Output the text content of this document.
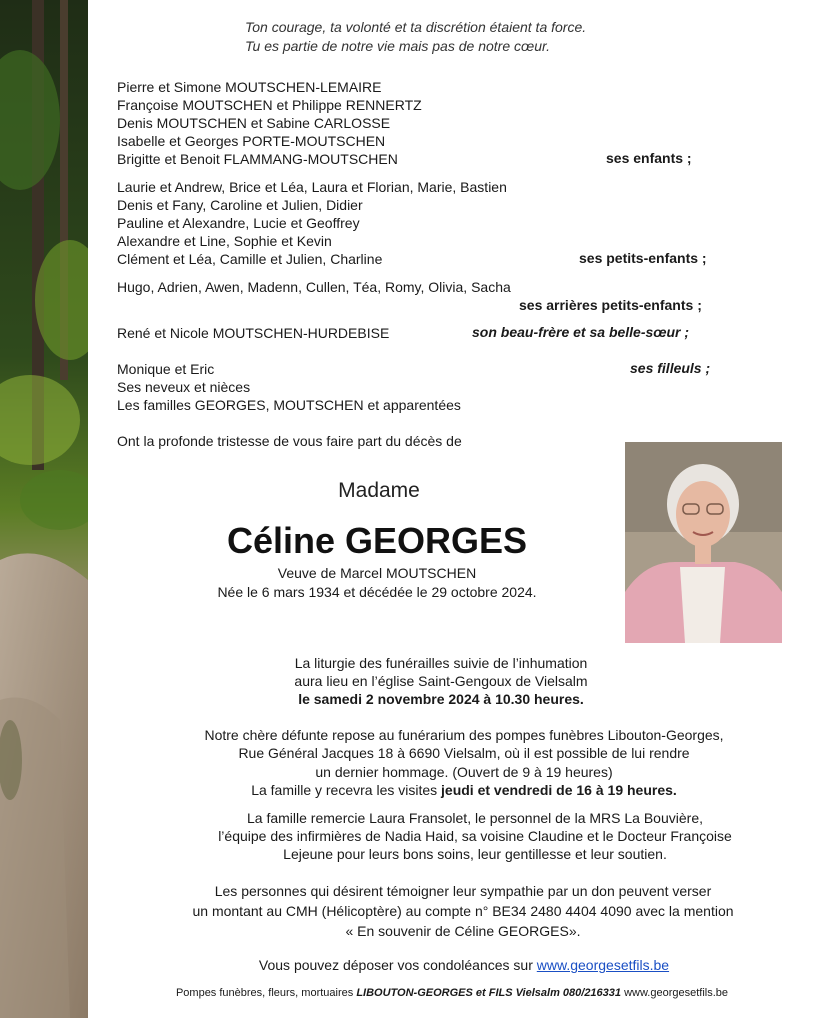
Ton courage, ta volonté et ta discrétion étaient ta force.
Tu es partie de notre vie mais pas de notre cœur.
Pierre et Simone MOUTSCHEN-LEMAIRE
Françoise MOUTSCHEN et Philippe RENNERTZ
Denis MOUTSCHEN et Sabine CARLOSSE
Isabelle et Georges PORTE-MOUTSCHEN
Brigitte et Benoit FLAMMANG-MOUTSCHEN	ses enfants ;
Laurie et Andrew, Brice et Léa, Laura et Florian, Marie, Bastien
Denis et Fany, Caroline et Julien, Didier
Pauline et Alexandre, Lucie et Geoffrey
Alexandre et Line, Sophie et Kevin
Clément et Léa, Camille et Julien, Charline	ses petits-enfants ;
Hugo, Adrien, Awen, Madenn, Cullen, Téa, Romy, Olivia, Sacha
ses arrières petits-enfants ;
René et Nicole MOUTSCHEN-HURDEBISE	son beau-frère et sa belle-sœur ;
Monique et Eric
Ses neveux et nièces
Les familles GEORGES, MOUTSCHEN et apparentées
ses filleuls ;
Ont la profonde tristesse de vous faire part du décès de
Madame
Céline GEORGES
Veuve de Marcel MOUTSCHEN
Née le 6 mars 1934 et décédée le 29 octobre 2024.
La liturgie des funérailles suivie de l’inhumation
aura lieu en l’église Saint-Gengoux de Vielsalm
le samedi 2 novembre 2024 à 10.30 heures.
Notre chère défunte repose au funérarium des pompes funèbres Libouton-Georges,
Rue Général Jacques 18 à 6690 Vielsalm, où il est possible de lui rendre
un dernier hommage. (Ouvert de 9 à 19 heures)
La famille y recevra les visites jeudi et vendredi de 16 à 19 heures.
La famille remercie Laura Fransolet, le personnel de la MRS La Bouvière,
l’équipe des infirmières de Nadia Haid, sa voisine Claudine et le Docteur Françoise
Lejeune pour leurs bons soins, leur gentillesse et leur soutien.
Les personnes qui désirent témoigner leur sympathie par un don peuvent verser
un montant au CMH (Hélicoptère) au compte n° BE34 2480 4404 4090 avec la mention
« En souvenir de Céline GEORGES».
Vous pouvez déposer vos condoléances sur www.georgesetfils.be
Pompes funèbres, fleurs, mortuaires LIBOUTON-GEORGES et FILS Vielsalm 080/216331 www.georgesetfils.be
